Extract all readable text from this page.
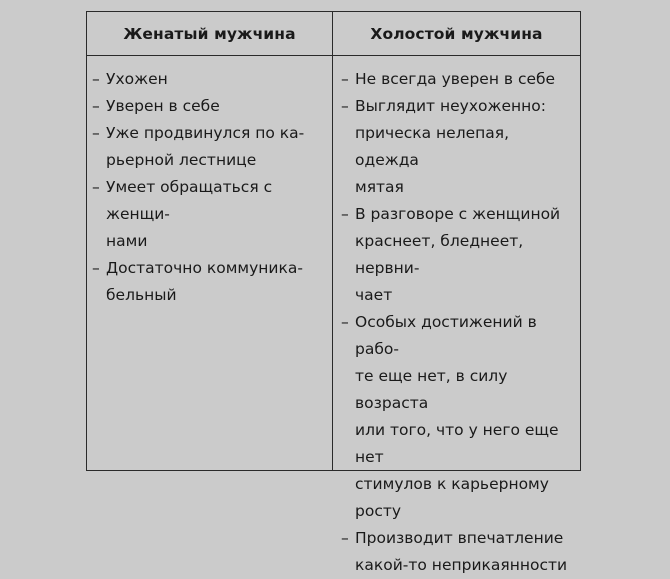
Женатый мужчина	Холостой мужчина
– Ухожен
– Уверен в себе
– Уже продвинулся по ка-
рьерной лестнице
– Умеет обращаться с женщи-
нами
– Достаточно коммуника-
бельный
– Не всегда уверен в себе
– Выглядит неухоженно:
прическа нелепая, одежда
мятая
– В разговоре с женщиной
краснеет, бледнеет, нервни-
чает
– Особых достижений в рабо-
те еще нет, в силу возраста
или того, что у него еще нет
стимулов к карьерному
росту
– Производит впечатление
какой-то неприкаянности
